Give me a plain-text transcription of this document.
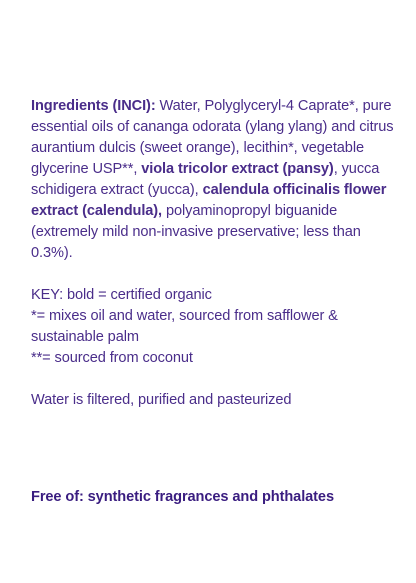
Ingredients (INCI): Water, Polyglyceryl-4 Caprate*, pure essential oils of cananga odorata (ylang ylang) and citrus aurantium dulcis (sweet orange), lecithin*, vegetable glycerine USP**, viola tricolor extract (pansy), yucca schidigera extract (yucca), calendula officinalis flower extract (calendula), polyaminopropyl biguanide (extremely mild non-invasive preservative; less than 0.3%).

KEY: bold = certified organic

*= mixes oil and water, sourced from safflower & sustainable palm

**= sourced from coconut

Water is filtered, purified and pasteurized

Free of: synthetic fragrances and phthalates
